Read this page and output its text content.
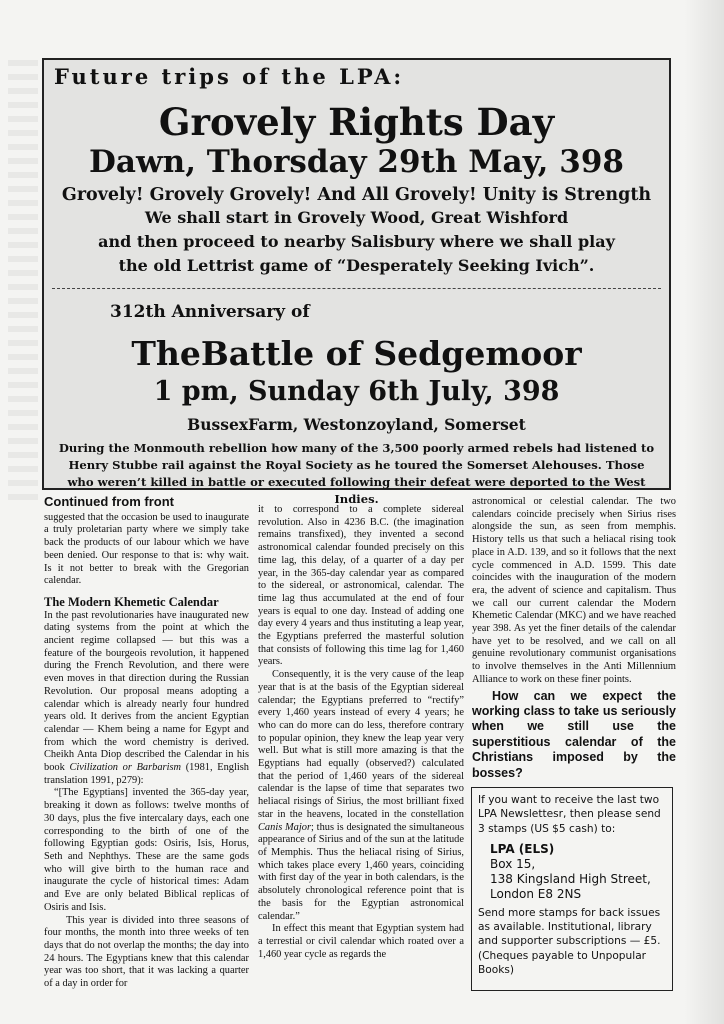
Future trips of the LPA:
Grovely Rights Day
Dawn, Thorsday 29th May, 398
Grovely! Grovely Grovely! And All Grovely! Unity is Strength
We shall start in Grovely Wood, Great Wishford
and then proceed to nearby Salisbury where we shall play
the old Lettrist game of “Desperately Seeking Ivich”.
312th Anniversary of
TheBattle of Sedgemoor
1 pm, Sunday 6th July, 398
BussexFarm, Westonzoyland, Somerset
During the Monmouth rebellion how many of the 3,500 poorly armed rebels had listened to Henry Stubbe rail against the Royal Society as he toured the Somerset Alehouses. Those who weren’t killed in battle or executed following their defeat were deported to the West Indies.
Continued from front

suggested that the occasion be used to inaugurate a truly proletarian party where we simply take back the products of our labour which we have been denied. Our response to that is: why wait. Is it not better to break with the Gregorian calendar.

The Modern Khemetic Calendar

In the past revolutionaries have inaugurated new dating systems from the point at which the ancient regime collapsed — but this was a feature of the bourgeois revolution, it happened during the French Revolution, and there were even moves in that direction during the Russian Revolution. Our proposal means adopting a calendar which is already nearly four hundred years old. It derives from the ancient Egyptian calendar — Khem being a name for Egypt and from which the word chemistry is derived. Cheikh Anta Diop described the Calendar in his book Civilization or Barbarism (1981, English translation 1991, p279):

“[The Egyptians] invented the 365-day year, breaking it down as follows: twelve months of 30 days, plus the five intercalary days, each one corresponding to the birth of one of the following Egyptian gods: Osiris, Isis, Horus, Seth and Nephthys. These are the same gods who will give birth to the human race and inaugurate the cycle of historical times: Adam and Eve are only belated Biblical replicas of Osiris and Isis.

This year is divided into three seasons of four months, the month into three weeks of ten days that do not overlap the months; the day into 24 hours. The Egyptians knew that this calendar year was too short, that it was lacking a quarter of a day in order for

it to correspond to a complete sidereal revolution. Also in 4236 B.C. (the imagination remains transfixed), they invented a second astronomical calendar founded precisely on this time lag, this delay, of a quarter of a day per year, in the 365-day calendar year as compared to the sidereal, or astronomical, calendar. The time lag thus accumulated at the end of four years is equal to one day. Instead of adding one day every 4 years and thus instituting a leap year, the Egyptians preferred the masterful solution that consists of following this time lag for 1,460 years.

Consequently, it is the very cause of the leap year that is at the basis of the Egyptian sidereal calendar; the Egyptians preferred to “rectify” every 1,460 years instead of every 4 years; he who can do more can do less, therefore contrary to popular opinion, they knew the leap year very well. But what is still more amazing is that the Egyptians had equally (observed?) calculated that the period of 1,460 years of the sidereal calendar is the lapse of time that separates two heliacal risings of Sirius, the most brilliant fixed star in the heavens, located in the constellation Canis Major; thus is designated the simultaneous appearance of Sirius and of the sun at the latitude of Memphis. Thus the heliacal rising of Sirius, which takes place every 1,460 years, coinciding with first day of the year in both calendars, is the absolutely chronological reference point that is the basis for the Egyptian astronomical calendar.”

In effect this meant that Egyptian system had a terrestial or civil calendar which roated over a 1,460 year cycle as regards the

astronomical or celestial calendar. The two calendars coincide precisely when Sirius rises alongside the sun, as seen from memphis. History tells us that such a heliacal rising took place in A.D. 139, and so it follows that the next cycle commenced in A.D. 1599. This date coincides with the inauguration of the modern era, the advent of science and capitalism. Thus we call our current calendar the Modern Khemetic Calendar (MKC) and we have reached year 398. As yet the finer details of the calendar have yet to be resolved, and we call on all genuine revolutionary communist organisations to involve themselves in the Anti Millennium Alliance to work on these finer points.

How can we expect the working class to take us seriously when we still use the superstitious calendar of the Christians imposed by the bosses?
If you want to receive the last two LPA Newslettesr, then please send 3 stamps (US $5 cash) to:
LPA (ELS)
Box 15,
138 Kingsland High Street,
London E8 2NS
Send more stamps for back issues as available. Institutional, library and supporter subscriptions — £5. (Cheques payable to Unpopular Books)
